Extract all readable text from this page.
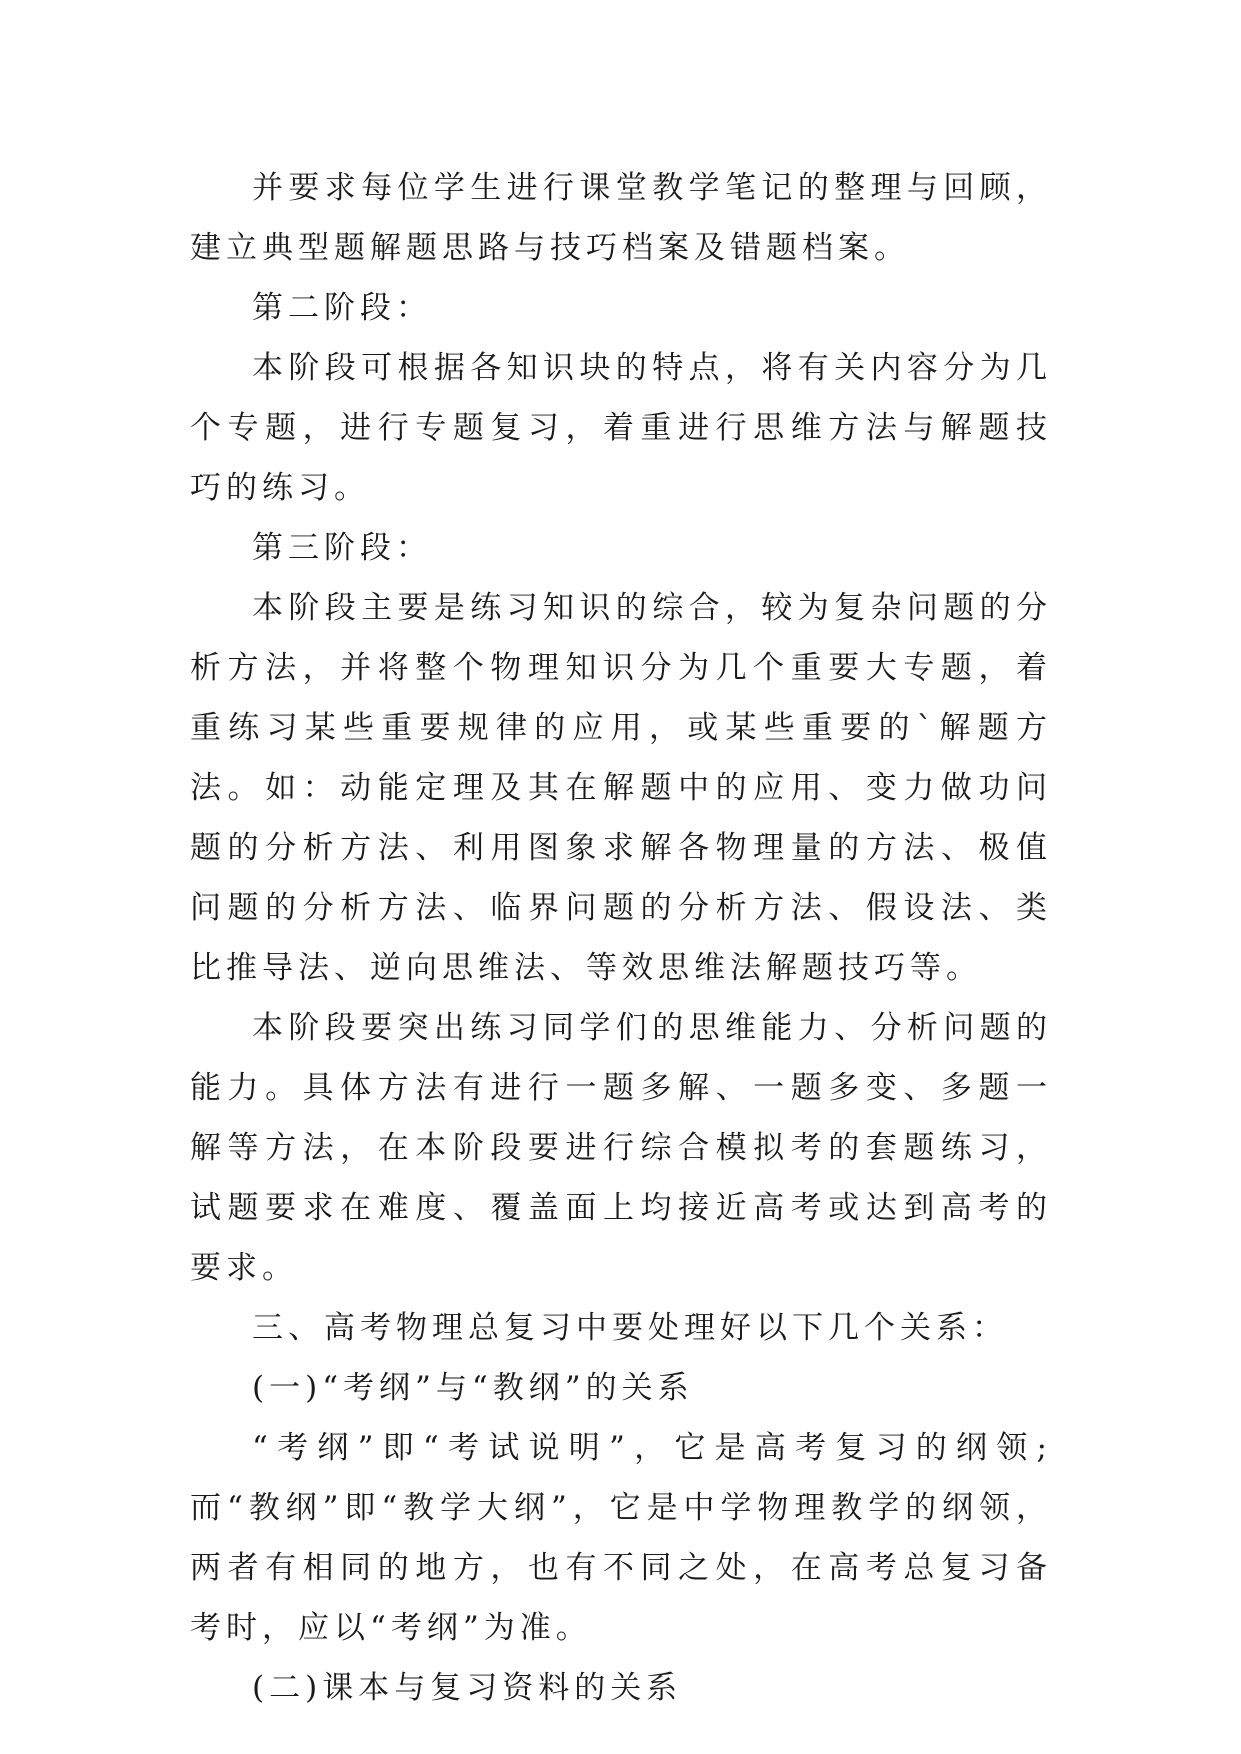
并要求每位学生进行课堂教学笔记的整理与回顾，建立典型题解题思路与技巧档案及错题档案。

第二阶段：

本阶段可根据各知识块的特点，将有关内容分为几个专题，进行专题复习，着重进行思维方法与解题技巧的练习。

第三阶段：

本阶段主要是练习知识的综合，较为复杂问题的分析方法，并将整个物理知识分为几个重要大专题，着重练习某些重要规律的应用，或某些重要的`解题方法。如：动能定理及其在解题中的应用、变力做功问题的分析方法、利用图象求解各物理量的方法、极值问题的分析方法、临界问题的分析方法、假设法、类比推导法、逆向思维法、等效思维法解题技巧等。

本阶段要突出练习同学们的思维能力、分析问题的能力。具体方法有进行一题多解、一题多变、多题一解等方法，在本阶段要进行综合模拟考的套题练习，试题要求在难度、覆盖面上均接近高考或达到高考的要求。

三、高考物理总复习中要处理好以下几个关系：

(一)“考纲”与“教纲”的关系

“考纲”即“考试说明”，它是高考复习的纲领;而“教纲”即“教学大纲”，它是中学物理教学的纲领，两者有相同的地方，也有不同之处，在高考总复习备考时，应以“考纲”为准。

(二)课本与复习资料的关系
